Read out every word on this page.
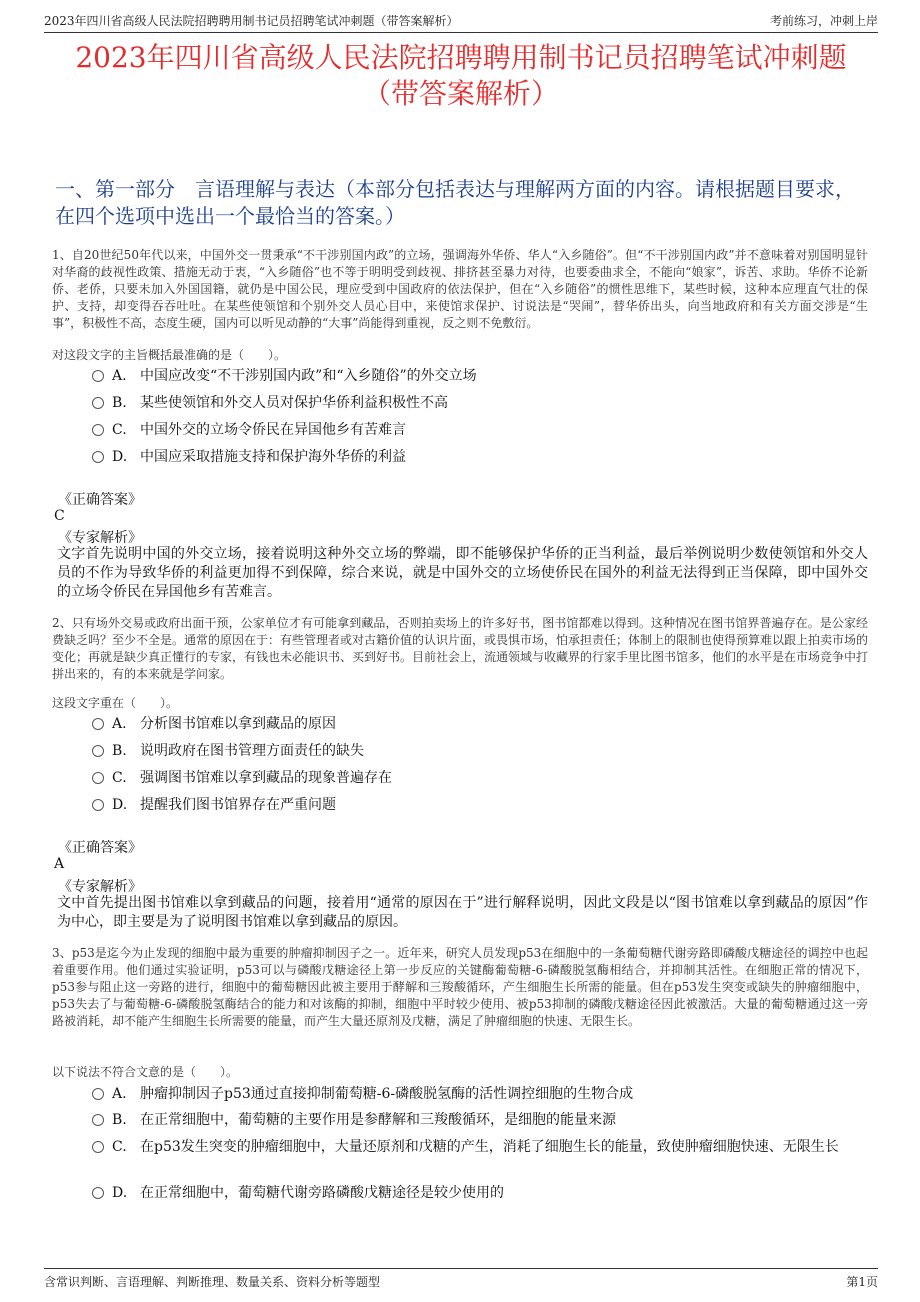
2023年四川省高级人民法院招聘聘用制书记员招聘笔试冲刺题（带答案解析）	考前练习，冲刺上岸
2023年四川省高级人民法院招聘聘用制书记员招聘笔试冲刺题
（带答案解析）
一、第一部分　言语理解与表达（本部分包括表达与理解两方面的内容。请根据题目要求，在四个选项中选出一个最恰当的答案。）
1、自20世纪50年代以来，中国外交一贯秉承“不干涉别国内政”的立场，强调海外华侨、华人“入乡随俗”。但“不干涉别国内政”并不意味着对别国明显针对华裔的歧视性政策、措施无动于衷，“入乡随俗”也不等于明明受到歧视、排挤甚至暴力对待，也要委曲求全，不能向“娘家”，诉苦、求助。华侨不论新侨、老侨，只要未加入外国国籍，就仍是中国公民，理应受到中国政府的依法保护，但在“入乡随俗”的惯性思维下，某些时候，这种本应理直气壮的保护、支持，却变得吞吞吐吐。在某些使领馆和个别外交人员心目中，来使馆求保护、讨说法是“哭闹”，替华侨出头，向当地政府和有关方面交涉是“生事”，积极性不高，态度生硬，国内可以听见动静的“大事”尚能得到重视，反之则不免敷衍。
对这段文字的主旨概括最准确的是（　　）。
A. 中国应改变“不干涉别国内政”和“入乡随俗”的外交立场
B. 某些使领馆和外交人员对保护华侨利益积极性不高
C. 中国外交的立场令侨民在异国他乡有苦难言
D. 中国应采取措施支持和保护海外华侨的利益
《正确答案》
C
《专家解析》
文字首先说明中国的外交立场，接着说明这种外交立场的弊端，即不能够保护华侨的正当利益，最后举例说明少数使领馆和外交人员的不作为导致华侨的利益更加得不到保障，综合来说，就是中国外交的立场使侨民在国外的利益无法得到正当保障，即中国外交的立场令侨民在异国他乡有苦难言。
2、只有场外交易或政府出面干预，公家单位才有可能拿到藏品，否则拍卖场上的许多好书，图书馆都难以得到。这种情况在图书馆界普遍存在。是公家经费缺乏吗？至少不全是。通常的原因在于：有些管理者或对古籍价值的认识片面，或畏惧市场，怕承担责任；体制上的限制也使得预算难以跟上拍卖市场的变化；再就是缺少真正懂行的专家，有钱也未必能识书、买到好书。目前社会上，流通领域与收藏界的行家手里比图书馆多，他们的水平是在市场竞争中打拼出来的，有的本来就是学问家。
这段文字重在（　　）。
A. 分析图书馆难以拿到藏品的原因
B. 说明政府在图书管理方面责任的缺失
C. 强调图书馆难以拿到藏品的现象普遍存在
D. 提醒我们图书馆界存在严重问题
《正确答案》
A
《专家解析》
文中首先提出图书馆难以拿到藏品的问题，接着用“通常的原因在于”进行解释说明，因此文段是以“图书馆难以拿到藏品的原因”作为中心，即主要是为了说明图书馆难以拿到藏品的原因。
3、p53是迄今为止发现的细胞中最为重要的肿瘤抑制因子之一。近年来，研究人员发现p53在细胞中的一条葡萄糖代谢旁路即磷酸戊糖途径的调控中也起着重要作用。他们通过实验证明，p53可以与磷酸戊糖途径上第一步反应的关键酶葡萄糖-6-磷酸脱氢酶相结合，并抑制其活性。在细胞正常的情况下，p53参与阻止这一旁路的进行，细胞中的葡萄糖因此被主要用于酵解和三羧酸循环，产生细胞生长所需的能量。但在p53发生突变或缺失的肿瘤细胞中，p53失去了与葡萄糖-6-磷酸脱氢酶结合的能力和对该酶的抑制，细胞中平时较少使用、被p53抑制的磷酸戊糖途径因此被激活。大量的葡萄糖通过这一旁路被消耗，却不能产生细胞生长所需要的能量，而产生大量还原剂及戊糖，满足了肿瘤细胞的快速、无限生长。
以下说法不符合文意的是（　　）。
A. 肿瘤抑制因子p53通过直接抑制葡萄糖-6-磷酸脱氢酶的活性调控细胞的生物合成
B. 在正常细胞中，葡萄糖的主要作用是参酵解和三羧酸循环，是细胞的能量来源
C. 在p53发生突变的肿瘤细胞中，大量还原剂和戊糖的产生，消耗了细胞生长的能量，致使肿瘤细胞快速、无限生长
D. 在正常细胞中，葡萄糖代谢旁路磷酸戊糖途径是较少使用的
含常识判断、言语理解、判断推理、数量关系、资料分析等题型	第1页
